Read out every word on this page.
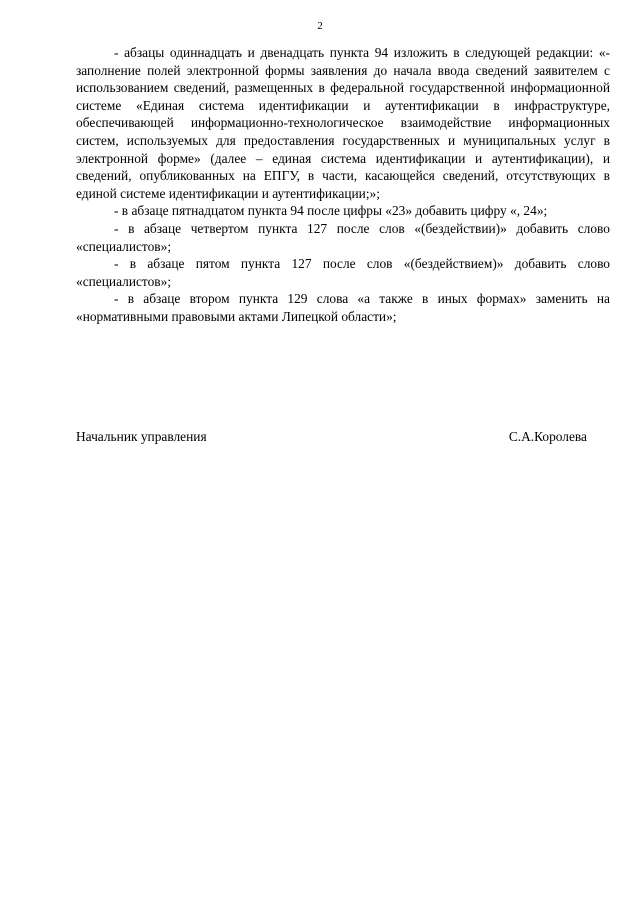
2

- абзацы одиннадцать и двенадцать пункта 94 изложить в следующей редакции: «- заполнение полей электронной формы заявления до начала ввода сведений заявителем с использованием сведений, размещенных в федеральной государственной информационной системе «Единая система идентификации и аутентификации в инфраструктуре, обеспечивающей информационно-технологическое взаимодействие информационных систем, используемых для предоставления государственных и муниципальных услуг в электронной форме» (далее – единая система идентификации и аутентификации), и сведений, опубликованных на ЕПГУ, в части, касающейся сведений, отсутствующих в единой системе идентификации и аутентификации;»;

- в абзаце пятнадцатом пункта 94 после цифры «23» добавить цифру «, 24»;

- в абзаце четвертом пункта 127 после слов «(бездействии)» добавить слово «специалистов»;

- в абзаце пятом пункта 127 после слов «(бездействием)» добавить слово «специалистов»;

- в абзаце втором пункта 129 слова «а также в иных формах» заменить на «нормативными правовыми актами Липецкой области»;

Начальник управления	С.А.Королева
